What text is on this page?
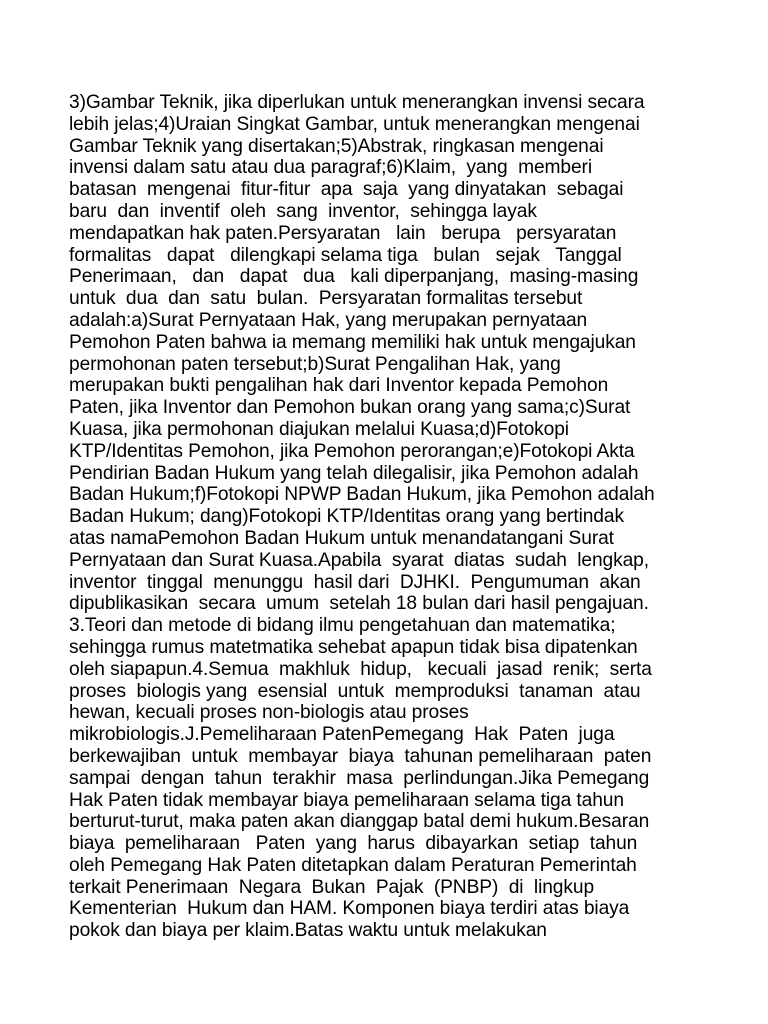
3)Gambar Teknik, jika diperlukan untuk menerangkan invensi secara
lebih jelas;4)Uraian Singkat Gambar, untuk menerangkan mengenai
Gambar Teknik yang disertakan;5)Abstrak, ringkasan mengenai
invensi dalam satu atau dua paragraf;6)Klaim,  yang  memberi
batasan  mengenai  fitur-fitur  apa  saja  yang dinyatakan  sebagai
baru  dan  inventif  oleh  sang  inventor,  sehingga layak
mendapatkan hak paten.Persyaratan   lain   berupa   persyaratan
formalitas   dapat   dilengkapi selama tiga   bulan   sejak   Tanggal
Penerimaan,   dan   dapat   dua   kali diperpanjang,  masing-masing
untuk  dua  dan  satu  bulan.  Persyaratan formalitas tersebut
adalah:a)Surat Pernyataan Hak, yang merupakan pernyataan
Pemohon Paten bahwa ia memang memiliki hak untuk mengajukan
permohonan paten tersebut;b)Surat Pengalihan Hak, yang
merupakan bukti pengalihan hak dari Inventor kepada Pemohon
Paten, jika Inventor dan Pemohon bukan orang yang sama;c)Surat
Kuasa, jika permohonan diajukan melalui Kuasa;d)Fotokopi
KTP/Identitas Pemohon, jika Pemohon perorangan;e)Fotokopi Akta
Pendirian Badan Hukum yang telah dilegalisir, jika Pemohon adalah
Badan Hukum;f)Fotokopi NPWP Badan Hukum, jika Pemohon adalah
Badan Hukum; dang)Fotokopi KTP/Identitas orang yang bertindak
atas namaPemohon Badan Hukum untuk menandatangani Surat
Pernyataan dan Surat Kuasa.Apabila  syarat  diatas  sudah  lengkap,
inventor  tinggal  menunggu  hasil dari  DJHKI.  Pengumuman  akan
dipublikasikan  secara  umum  setelah 18 bulan dari hasil pengajuan.
3.Teori dan metode di bidang ilmu pengetahuan dan matematika;
sehingga rumus matetmatika sehebat apapun tidak bisa dipatenkan
oleh siapapun.4.Semua  makhluk  hidup,   kecuali  jasad  renik;  serta
proses  biologis yang  esensial  untuk  memproduksi  tanaman  atau
hewan, kecuali proses non-biologis atau proses
mikrobiologis.J.Pemeliharaan PatenPemegang  Hak  Paten  juga
berkewajiban  untuk  membayar  biaya  tahunan pemeliharaan  paten
sampai  dengan  tahun  terakhir  masa  perlindungan.Jika Pemegang
Hak Paten tidak membayar biaya pemeliharaan selama tiga tahun
berturut-turut, maka paten akan dianggap batal demi hukum.Besaran
biaya  pemeliharaan   Paten  yang  harus  dibayarkan  setiap  tahun
oleh Pemegang Hak Paten ditetapkan dalam Peraturan Pemerintah
terkait Penerimaan  Negara  Bukan  Pajak  (PNBP)  di  lingkup
Kementerian  Hukum dan HAM. Komponen biaya terdiri atas biaya
pokok dan biaya per klaim.Batas waktu untuk melakukan
